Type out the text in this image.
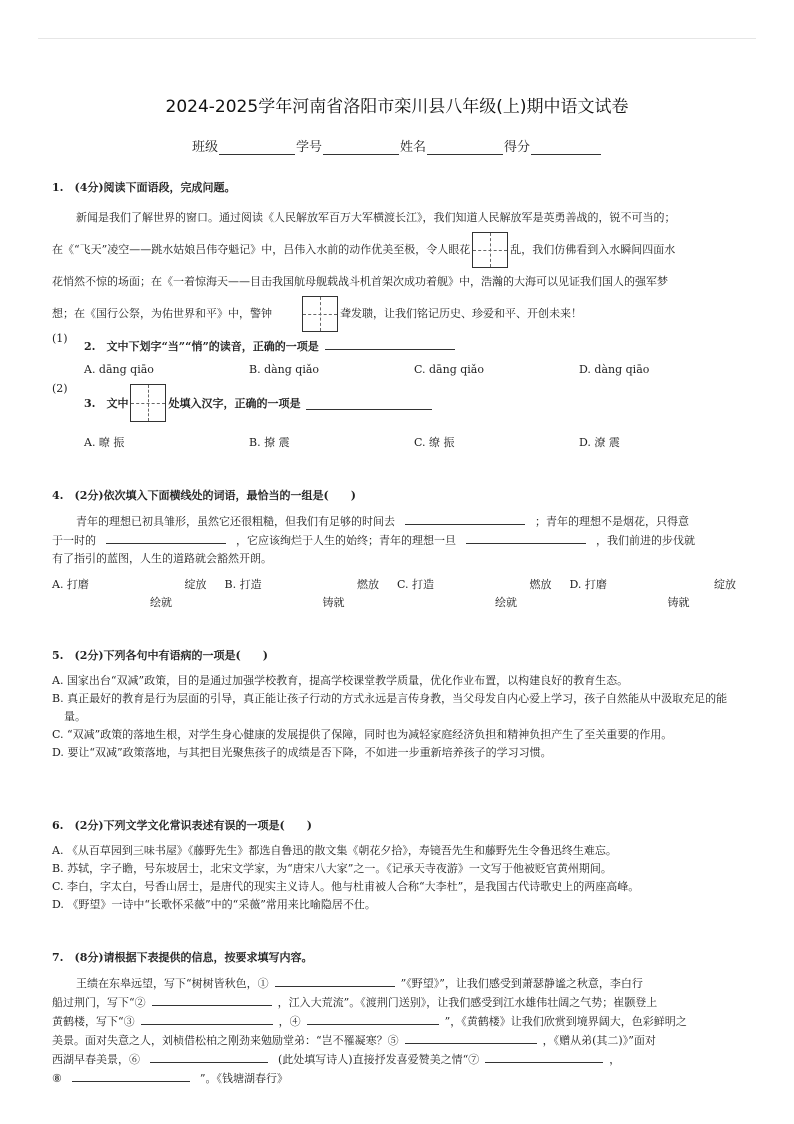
2024-2025学年河南省洛阳市栾川县八年级(上)期中语文试卷
班级	学号	姓名	得分
1.　(4分)阅读下面语段，完成问题。
新闻是我们了解世界的窗口。通过阅读《人民解放军百万大军横渡长江》，我们知道人民解放军是英勇善战的，锐不可当的；
在《“飞天”凌空——跳水姑娘吕伟夺魁记》中，吕伟入水前的动作优美至极，令人眼花	乱，我们仿佛看到入水瞬间四面水
花悄然不惊的场面；在《一着惊海天——目击我国航母舰载战斗机首架次成功着舰》中，浩瀚的大海可以见证我们国人的强军梦
想；在《国行公祭，为佑世界和平》中，警钟	聋发聩，让我们铭记历史、珍爱和平、开创未来！
(1)
2.　文中下划字“当”“悄”的读音，正确的一项是
A. dāng qiāo	B. dàng qiǎo	C. dāng qiǎo	D. dàng qiāo
(2)
3.　文中	处填入汉字，正确的一项是
A. 暸 振	B. 撩 震	C. 缭 振	D. 潦 震
4.　(2分)依次填入下面横线处的词语，最恰当的一组是(　　)
青年的理想已初具雏形，虽然它还很粗糙，但我们有足够的时间去	；青年的理想不是烟花，只得意
于一时的	，它应该绚烂于人生的始终；青年的理想一旦	，我们前进的步伐就
有了指引的蓝图，人生的道路就会豁然开朗。
A. 打磨	绽放
绘就
B. 打造	燃放
铸就
C. 打造	燃放
绘就
D. 打磨	绽放
铸就
5.　(2分)下列各句中有语病的一项是(　　)
A. 国家出台“双减”政策，目的是通过加强学校教育，提高学校课堂教学质量，优化作业布置，以构建良好的教育生态。
B. 真正最好的教育是行为层面的引导，真正能让孩子行动的方式永远是言传身教，当父母发自内心爱上学习，孩子自然能从中汲取充足的能量。
C. “双减”政策的落地生根，对学生身心健康的发展提供了保障，同时也为减轻家庭经济负担和精神负担产生了至关重要的作用。
D. 要让“双减”政策落地，与其把目光聚焦孩子的成绩是否下降，不如进一步重新培养孩子的学习习惯。
6.　(2分)下列文学文化常识表述有误的一项是(　　)
A. 《从百草园到三味书屋》《藤野先生》都选自鲁迅的散文集《朝花夕拾》，寿镜吾先生和藤野先生令鲁迅终生难忘。
B. 苏轼，字子瞻，号东坡居士，北宋文学家，为“唐宋八大家”之一。《记承天寺夜游》一文写于他被贬官黄州期间。
C. 李白，字太白，号香山居士，是唐代的现实主义诗人。他与杜甫被人合称“大李杜”，是我国古代诗歌史上的两座高峰。
D. 《野望》一诗中“长歌怀采薇”中的“采薇”常用来比喻隐居不仕。
7.　(8分)请根据下表提供的信息，按要求填写内容。
王绩在东皋远望，写下“树树皆秋色，①	”《野望》”，让我们感受到萧瑟静谧之秋意，李白行
船过荆门，写下“②	，江入大荒流”。《渡荆门送别》，让我们感受到江水雄伟壮阔之气势；崔颢登上
黄鹤楼，写下“③	，④	”，《黄鹤楼》让我们欣赏到境界阔大，色彩鲜明之
美景。面对失意之人，刘桢借松柏之刚劲来勉励堂弟：“岂不罹凝寒？⑤	，《赠从弟(其二)》”面对
西湖早春美景，⑥	(此处填写诗人)直接抒发喜爱赞美之情“⑦	，
⑧	”。《钱塘湖春行》
